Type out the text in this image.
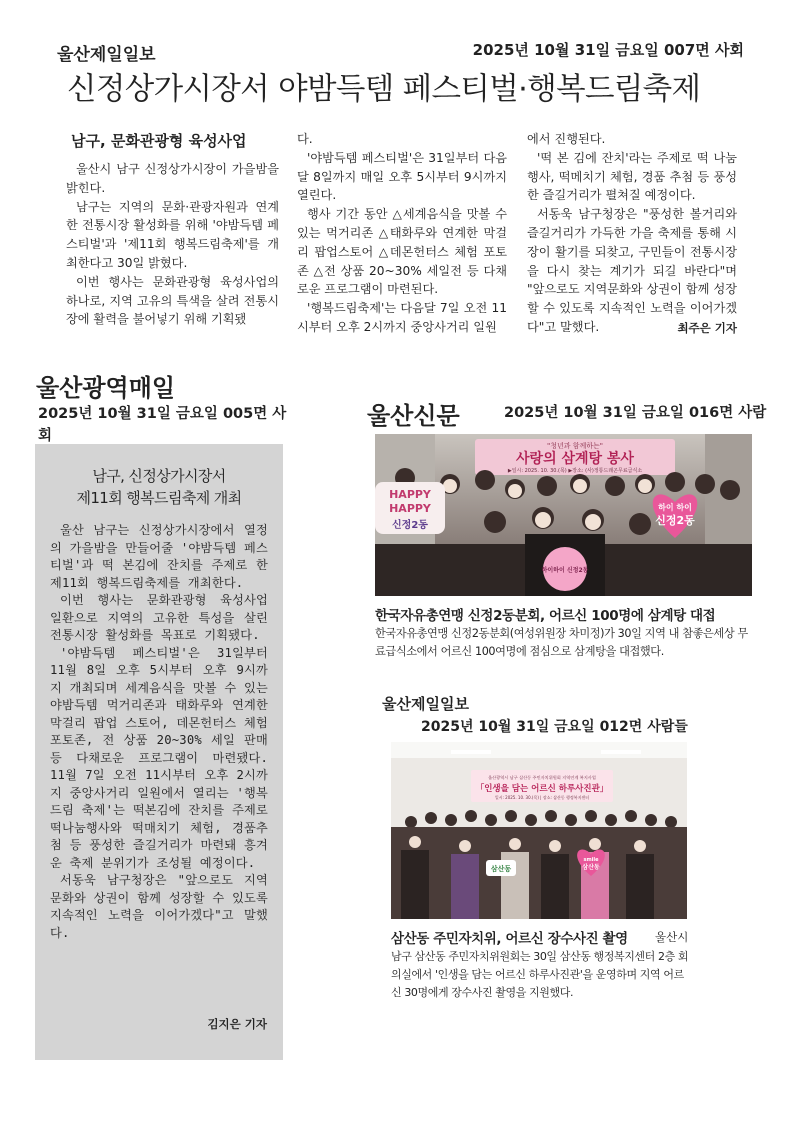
울산제일일보	2025년 10월 31일 금요일 007면 사회
신정상가시장서 야밤득템 페스티벌·행복드림축제
남구, 문화관광형 육성사업

울산시 남구 신정상가시장이 가을밤을 밝힌다.

남구는 지역의 문화·관광자원과 연계한 전통시장 활성화를 위해 '야밤득템 페스티벌'과 '제11회 행복드림축제'를 개최한다고 30일 밝혔다.

이번 행사는 문화관광형 육성사업의 하나로, 지역 고유의 특색을 살려 전통시장에 활력을 불어넣기 위해 기획됐

다.

'야밤득템 페스티벌'은 31일부터 다음달 8일까지 매일 오후 5시부터 9시까지 열린다.

행사 기간 동안 △세계음식을 맛볼 수 있는 먹거리존 △태화루와 연계한 막걸리 팝업스토어 △데몬헌터스 체험 포토존 △전 상품 20~30% 세일전 등 다채로운 프로그램이 마련된다.

'행복드림축제'는 다음달 7일 오전 11시부터 오후 2시까지 중앙사거리 일원

에서 진행된다.

'떡 본 김에 잔치'라는 주제로 떡 나눔행사, 떡메치기 체험, 경품 추첨 등 풍성한 즐길거리가 펼쳐질 예정이다.

서동욱 남구청장은 "풍성한 볼거리와 즐길거리가 가득한 가을 축제를 통해 시장이 활기를 되찾고, 구민들이 전통시장을 다시 찾는 계기가 되길 바란다"며 "앞으로도 지역문화와 상권이 함께 성장할 수 있도록 지속적인 노력을 이어가겠다"고 말했다.	최주은 기자
울산광역매일
2025년 10월 31일 금요일 005면 사
회
남구, 신정상가시장서
제11회 행복드림축제 개최

울산 남구는 신정상가시장에서 열정의 가을밤을 만들어줄 '야밤득템 페스티벌'과 떡 본김에 잔치를 주제로 한 제11회 행복드림축제를 개최한다.

이번 행사는 문화관광형 육성사업 일환으로 지역의 고유한 특성을 살린 전통시장 활성화를 목표로 기획됐다.

'야밤득템 페스티벌'은 31일부터 11월 8일 오후 5시부터 오후 9시까지 개최되며 세계음식을 맛볼 수 있는 야밤득템 먹거리존과 태화루와 연계한 막걸리 팝업 스토어, 데몬헌터스 체험 포토존, 전 상품 20~30% 세일 판매 등 다채로운 프로그램이 마련됐다. 11월 7일 오전 11시부터 오후 2시까지 중앙사거리 일원에서 열리는 '행복드림 축제'는 떡본김에 잔치를 주제로 떡나눔행사와 떡매치기 체험, 경품추첨 등 풍성한 즐길거리가 마련돼 흥겨운 축제 분위기가 조성될 예정이다.

서동욱 남구청장은 "앞으로도 지역문화와 상권이 함께 성장할 수 있도록 지속적인 노력을 이어가겠다"고 말했다.

김지은 기자
울산신문	2025년 10월 31일 금요일 016면 사람
"청년과 함께하는"
사랑의 삼계탕 봉사
▶일시: 2025. 10. 30.(목) ▶장소: (사)정통드래곤무료급식소
HAPPY
HAPPY
신정2동
하이 하이
신정2동
하이하이 신정2동
한국자유총연맹 신정2동분회, 어르신 100명에 삼계탕 대접
한국자유총연맹 신정2동분회(여성위원장 차미정)가 30일 지역 내 참좋은세상 무료급식소에서 어르신 100여명에 점심으로 삼계탕을 대접했다.
울산제일일보
2025년 10월 31일 금요일 012면 사람들
울산광역시 남구 삼산동 주민자치위원회 지역연계 복지사업
「인생을 담는 어르신 하루사진관」
일시: 2025. 10. 30.(목) | 장소: 삼산동 행정복지센터
삼산동
smile
삼산동
삼산동 주민자치위, 어르신 장수사진 촬영 울산시
남구 삼산동 주민자치위원회는 30일 삼산동 행정복지센터 2층 회의실에서 '인생을 담는 어르신 하루사진관'을 운영하며 지역 어르신 30명에게 장수사진 촬영을 지원했다.
